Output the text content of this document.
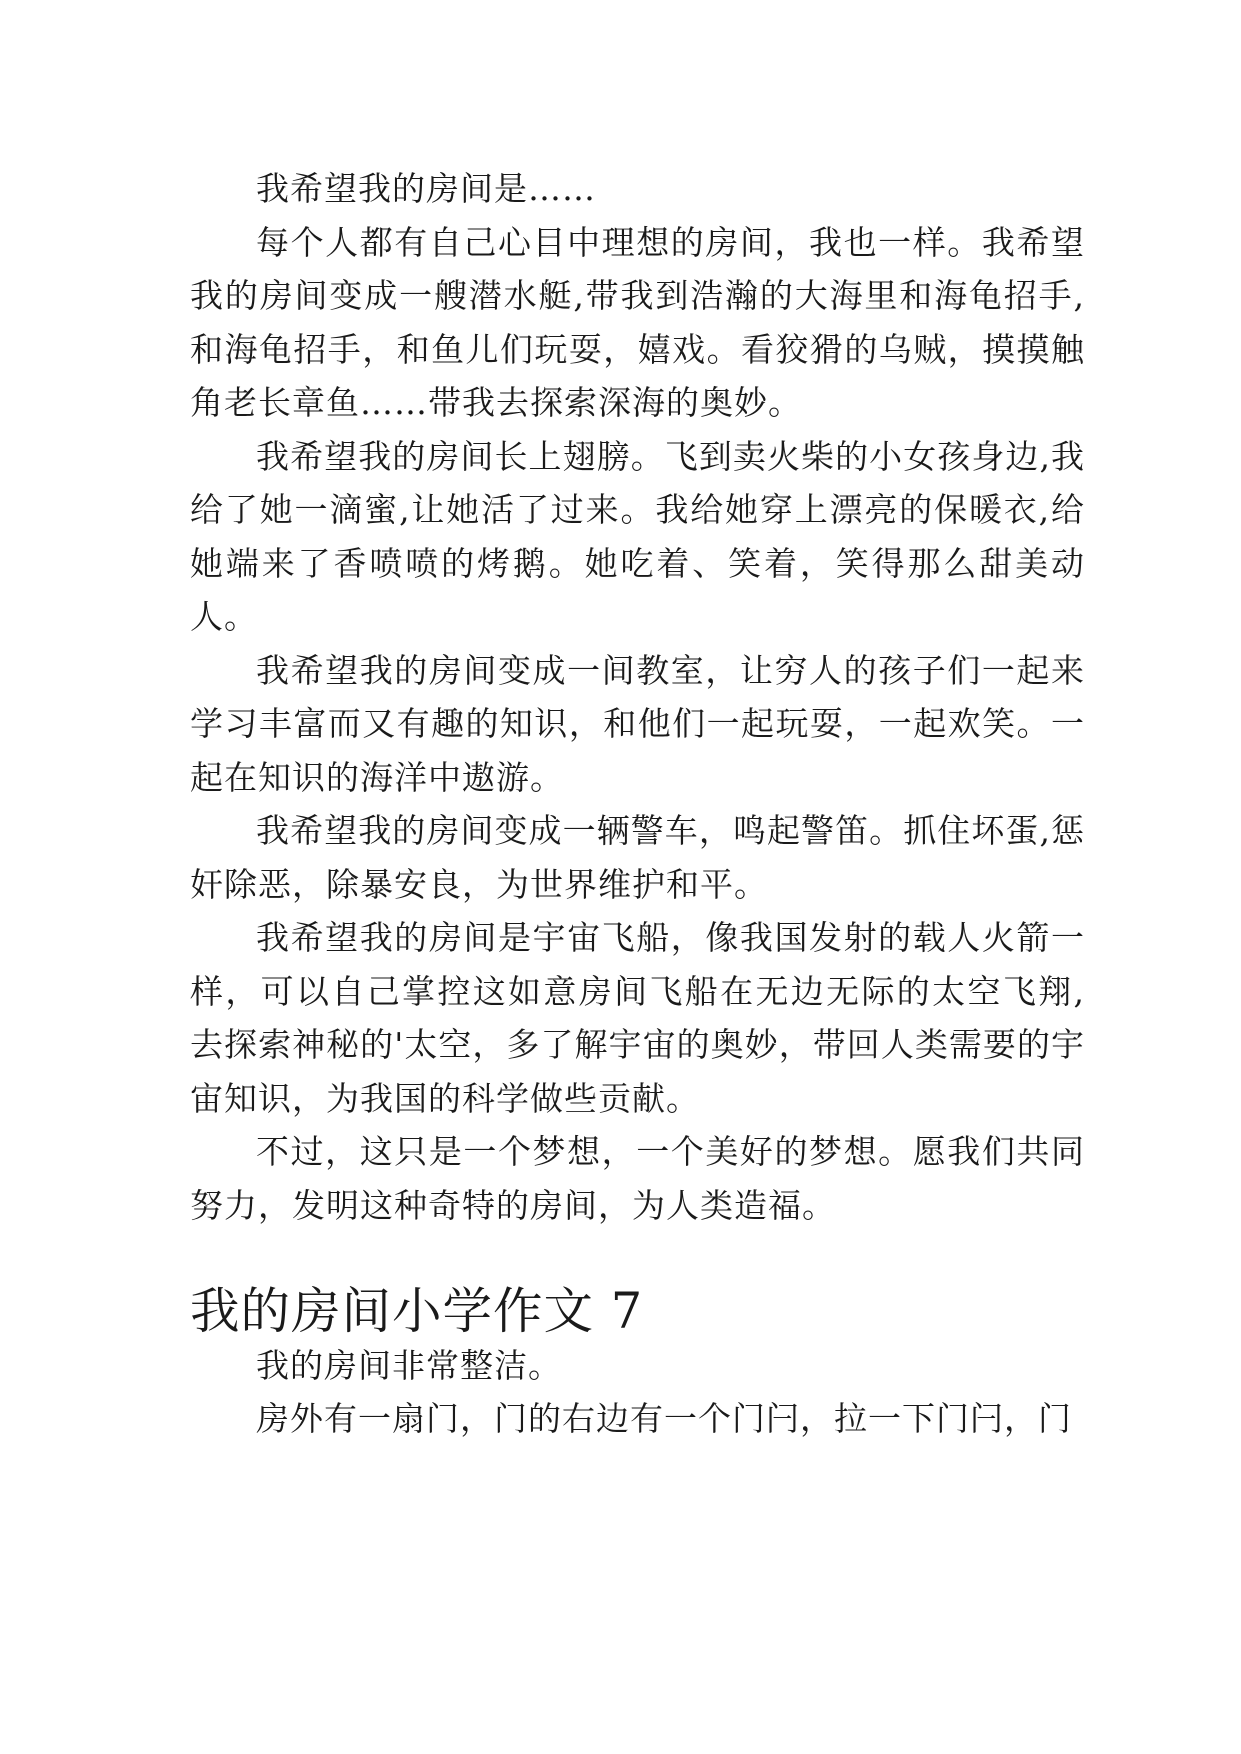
我希望我的房间是……

每个人都有自己心目中理想的房间，我也一样。我希望我的房间变成一艘潜水艇,带我到浩瀚的大海里和海龟招手,和海龟招手，和鱼儿们玩耍，嬉戏。看狡猾的乌贼，摸摸触角老长章鱼……带我去探索深海的奥妙。

我希望我的房间长上翅膀。飞到卖火柴的小女孩身边,我给了她一滴蜜,让她活了过来。我给她穿上漂亮的保暖衣,给她端来了香喷喷的烤鹅。她吃着、笑着，笑得那么甜美动人。

我希望我的房间变成一间教室，让穷人的孩子们一起来学习丰富而又有趣的知识，和他们一起玩耍，一起欢笑。一起在知识的海洋中遨游。

我希望我的房间变成一辆警车，鸣起警笛。抓住坏蛋,惩奸除恶，除暴安良，为世界维护和平。

我希望我的房间是宇宙飞船，像我国发射的载人火箭一样，可以自己掌控这如意房间飞船在无边无际的太空飞翔,去探索神秘的'太空，多了解宇宙的奥妙，带回人类需要的宇宙知识，为我国的科学做些贡献。

不过，这只是一个梦想，一个美好的梦想。愿我们共同努力，发明这种奇特的房间，为人类造福。

我的房间小学作文 7

我的房间非常整洁。

房外有一扇门，门的右边有一个门闩，拉一下门闩，门
